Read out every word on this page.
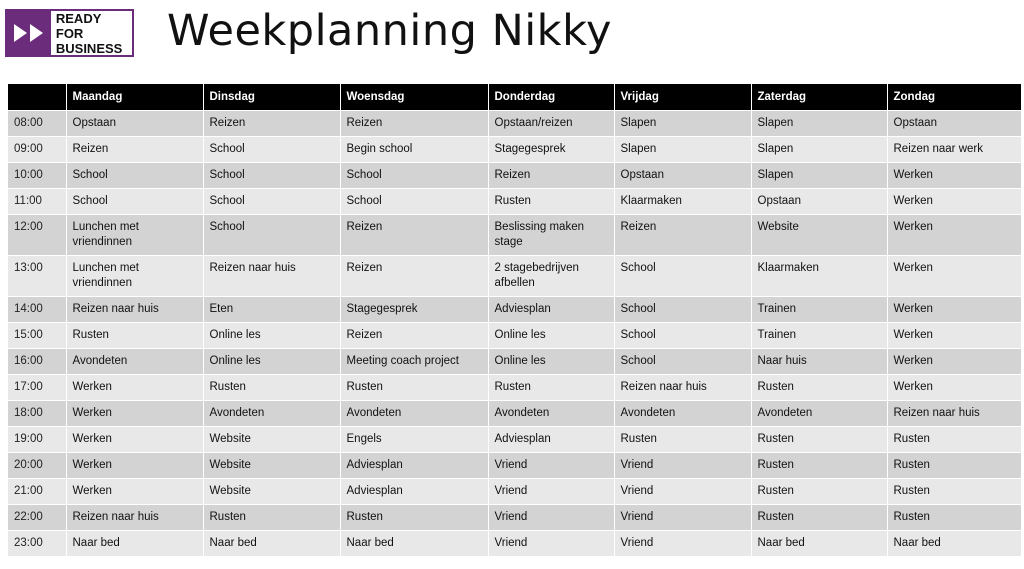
READY FOR
BUSINESS Weekplanning Nikky
	Maandag	Dinsdag	Woensdag	Donderdag	Vrijdag	Zaterdag	Zondag
08:00	Opstaan	Reizen	Reizen	Opstaan/reizen	Slapen	Slapen	Opstaan
09:00	Reizen	School	Begin school	Stagegesprek	Slapen	Slapen	Reizen naar werk
10:00	School	School	School	Reizen	Opstaan	Slapen	Werken
11:00	School	School	School	Rusten	Klaarmaken	Opstaan	Werken
12:00	Lunchen met vriendinnen	School	Reizen	Beslissing maken stage	Reizen	Website	Werken
13:00	Lunchen met vriendinnen	Reizen naar huis	Reizen	2 stagebedrijven afbellen	School	Klaarmaken	Werken
14:00	Reizen naar huis	Eten	Stagegesprek	Adviesplan	School	Trainen	Werken
15:00	Rusten	Online les	Reizen	Online les	School	Trainen	Werken
16:00	Avondeten	Online les	Meeting coach project	Online les	School	Naar huis	Werken
17:00	Werken	Rusten	Rusten	Rusten	Reizen naar huis	Rusten	Werken
18:00	Werken	Avondeten	Avondeten	Avondeten	Avondeten	Avondeten	Reizen naar huis
19:00	Werken	Website	Engels	Adviesplan	Rusten	Rusten	Rusten
20:00	Werken	Website	Adviesplan	Vriend	Vriend	Rusten	Rusten
21:00	Werken	Website	Adviesplan	Vriend	Vriend	Rusten	Rusten
22:00	Reizen naar huis	Rusten	Rusten	Vriend	Vriend	Rusten	Rusten
23:00	Naar bed	Naar bed	Naar bed	Vriend	Vriend	Naar bed	Naar bed
